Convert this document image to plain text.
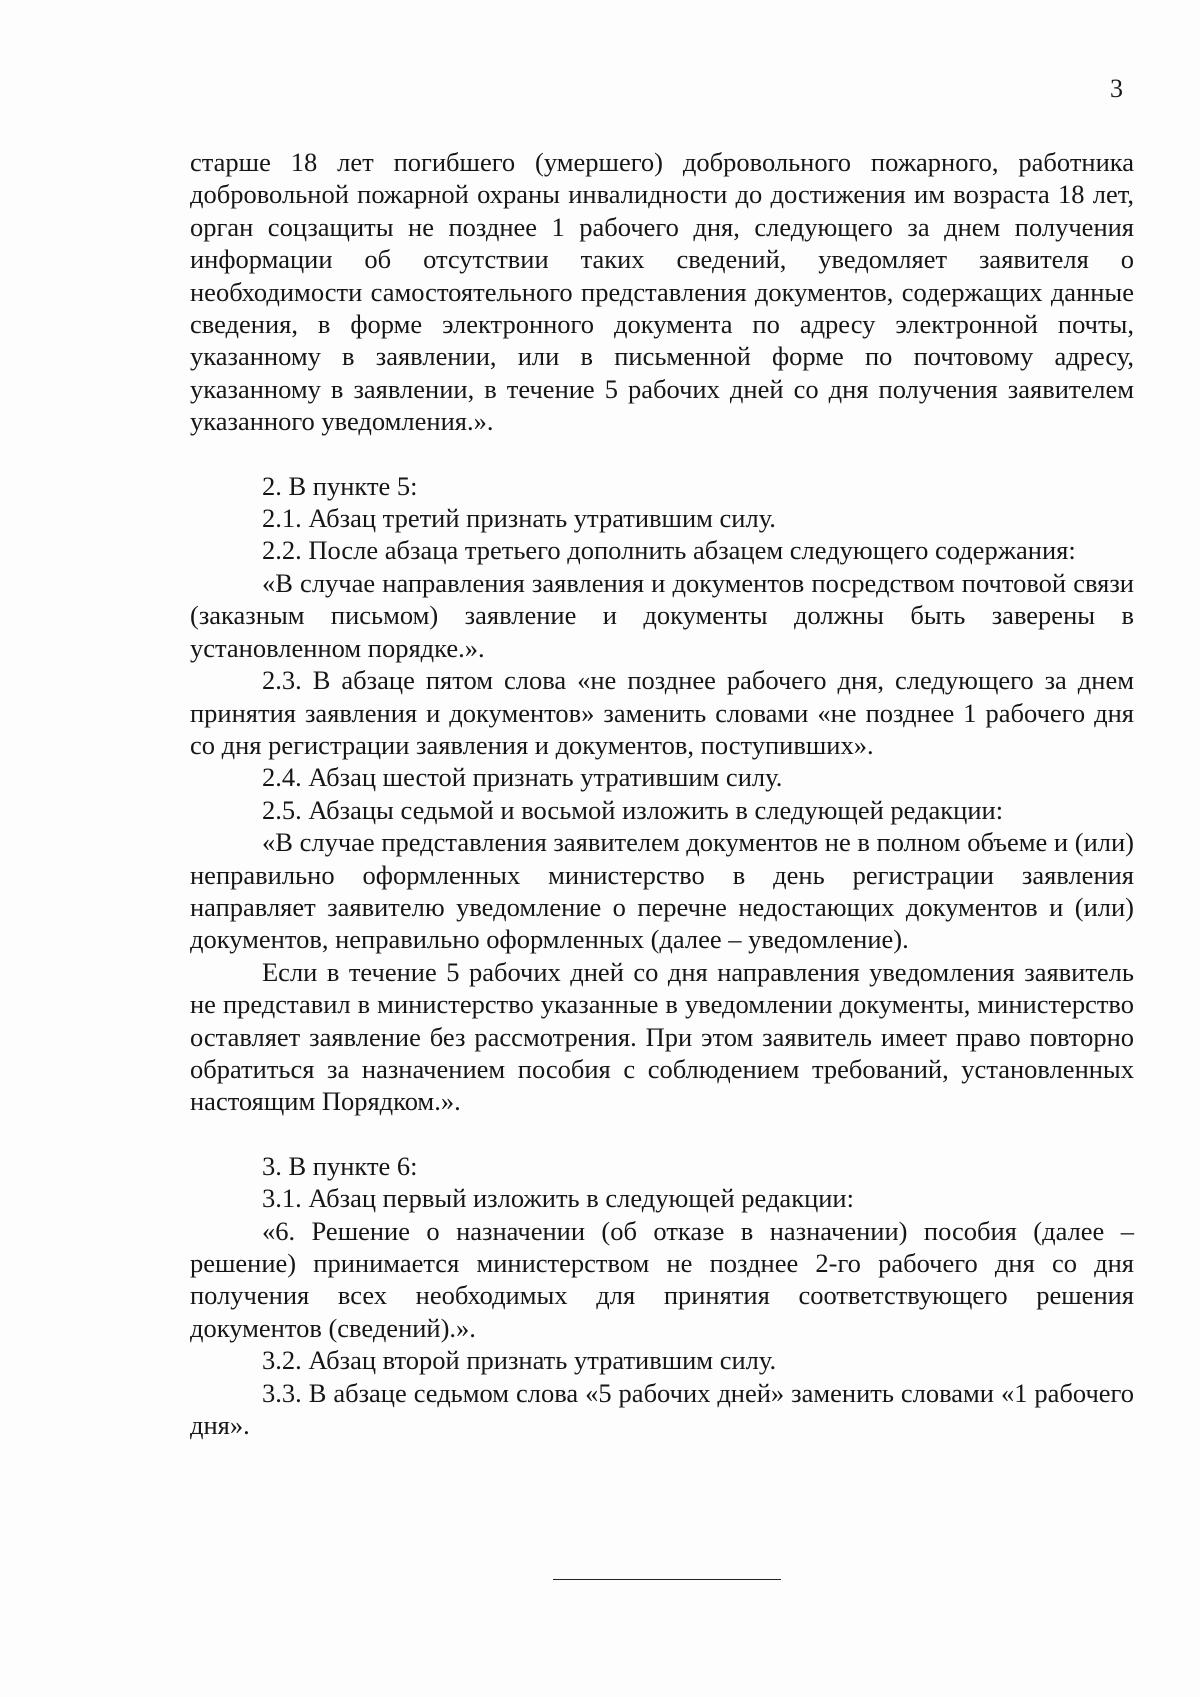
3

старше 18 лет погибшего (умершего) добровольного пожарного, работника добровольной пожарной охраны инвалидности до достижения им возраста 18 лет, орган соцзащиты не позднее 1 рабочего дня, следующего за днем получения информации об отсутствии таких сведений, уведомляет заявителя о необходимости самостоятельного представления документов, содержащих данные сведения, в форме электронного документа по адресу электронной почты, указанному в заявлении, или в письменной форме по почтовому адресу, указанному в заявлении, в течение 5 рабочих дней со дня получения заявителем указанного уведомления.».

2. В пункте 5:

2.1. Абзац третий признать утратившим силу.

2.2. После абзаца третьего дополнить абзацем следующего содержания:

«В случае направления заявления и документов посредством почтовой связи (заказным письмом) заявление и документы должны быть заверены в установленном порядке.».

2.3. В абзаце пятом слова «не позднее рабочего дня, следующего за днем принятия заявления и документов» заменить словами «не позднее 1 рабочего дня со дня регистрации заявления и документов, поступивших».

2.4. Абзац шестой признать утратившим силу.

2.5. Абзацы седьмой и восьмой изложить в следующей редакции:

«В случае представления заявителем документов не в полном объеме и (или) неправильно оформленных министерство в день регистрации заявления направляет заявителю уведомление о перечне недостающих документов и (или) документов, неправильно оформленных (далее – уведомление).

Если в течение 5 рабочих дней со дня направления уведомления заявитель не представил в министерство указанные в уведомлении документы, министерство оставляет заявление без рассмотрения. При этом заявитель имеет право повторно обратиться за назначением пособия с соблюдением требований, установленных настоящим Порядком.».

3. В пункте 6:

3.1. Абзац первый изложить в следующей редакции:

«6. Решение о назначении (об отказе в назначении) пособия (далее – решение) принимается министерством не позднее 2-го рабочего дня со дня получения всех необходимых для принятия соответствующего решения документов (сведений).».

3.2. Абзац второй признать утратившим силу.

3.3. В абзаце седьмом слова «5 рабочих дней» заменить словами «1 рабочего дня».
